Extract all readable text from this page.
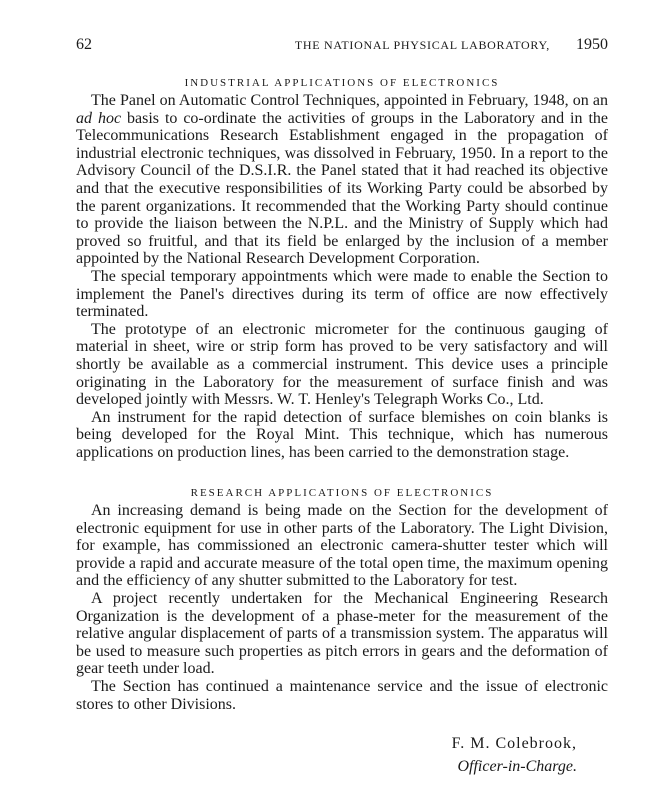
62	THE NATIONAL PHYSICAL LABORATORY, 1950
INDUSTRIAL APPLICATIONS OF ELECTRONICS

The Panel on Automatic Control Techniques, appointed in February, 1948, on an ad hoc basis to co-ordinate the activities of groups in the Laboratory and in the Telecommunications Research Establishment engaged in the propagation of industrial electronic techniques, was dissolved in February, 1950. In a report to the Advisory Council of the D.S.I.R. the Panel stated that it had reached its objective and that the executive responsibilities of its Working Party could be absorbed by the parent organizations. It recommended that the Working Party should continue to provide the liaison between the N.P.L. and the Ministry of Supply which had proved so fruitful, and that its field be enlarged by the inclusion of a member appointed by the National Research Development Corporation.

The special temporary appointments which were made to enable the Section to implement the Panel's directives during its term of office are now effectively terminated.

The prototype of an electronic micrometer for the continuous gauging of material in sheet, wire or strip form has proved to be very satisfactory and will shortly be available as a commercial instrument. This device uses a principle originating in the Laboratory for the measurement of surface finish and was developed jointly with Messrs. W. T. Henley's Telegraph Works Co., Ltd.

An instrument for the rapid detection of surface blemishes on coin blanks is being developed for the Royal Mint. This technique, which has numerous applications on production lines, has been carried to the demonstration stage.

RESEARCH APPLICATIONS OF ELECTRONICS

An increasing demand is being made on the Section for the development of electronic equipment for use in other parts of the Laboratory. The Light Division, for example, has commissioned an electronic camera-shutter tester which will provide a rapid and accurate measure of the total open time, the maximum opening and the efficiency of any shutter submitted to the Laboratory for test.

A project recently undertaken for the Mechanical Engineering Research Organization is the development of a phase-meter for the measurement of the relative angular displacement of parts of a transmission system. The apparatus will be used to measure such properties as pitch errors in gears and the deformation of gear teeth under load.

The Section has continued a maintenance service and the issue of electronic stores to other Divisions.

F. M. Colebrook,
Officer-in-Charge.
